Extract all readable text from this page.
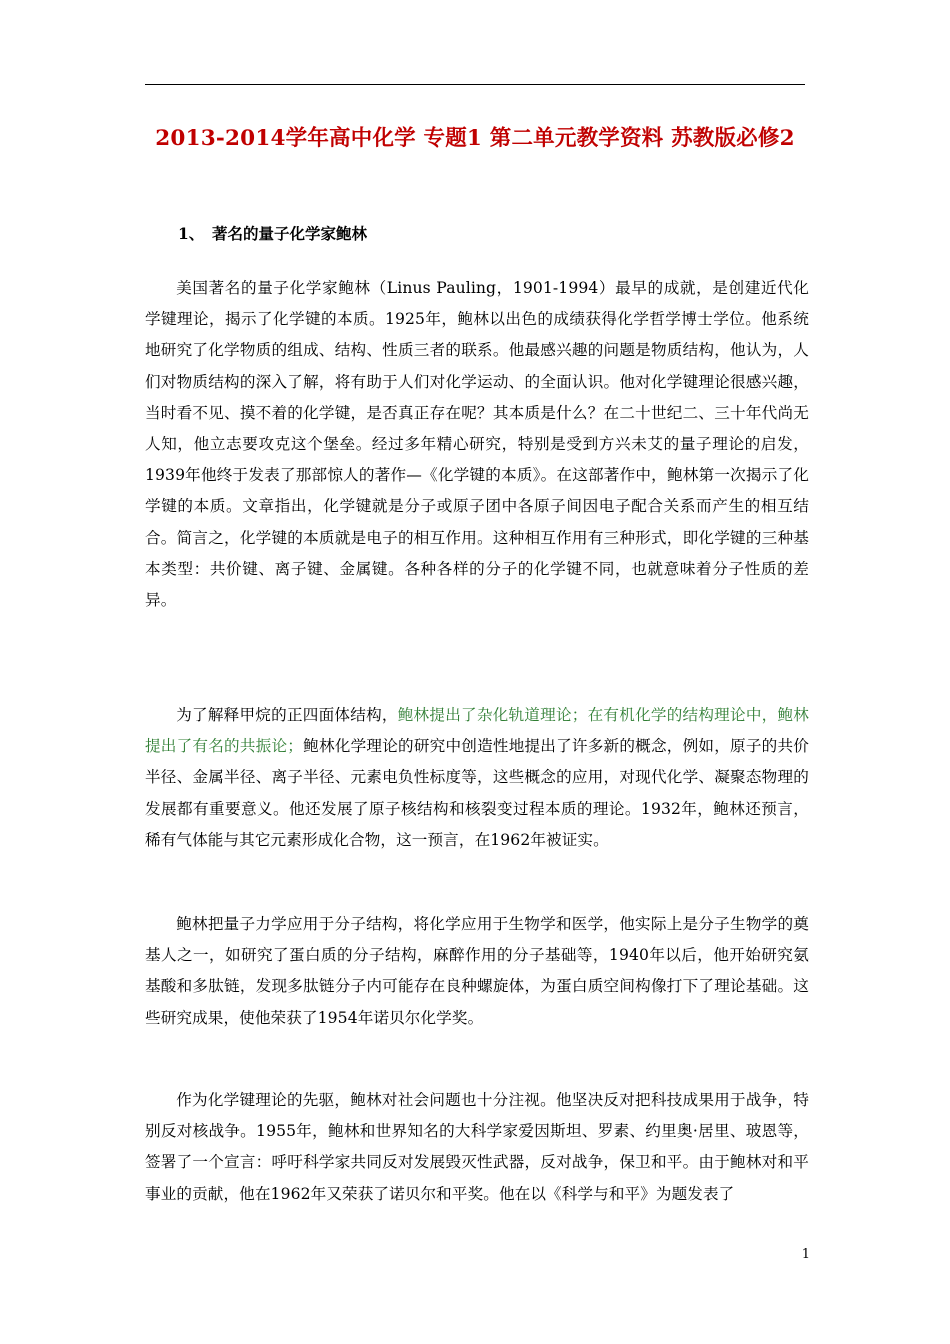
2013-2014学年高中化学 专题1 第二单元教学资料 苏教版必修2
1、 著名的量子化学家鲍林

美国著名的量子化学家鲍林（Linus Pauling，1901-1994）最早的成就，是创建近代化学键理论，揭示了化学键的本质。1925年，鲍林以出色的成绩获得化学哲学博士学位。他系统地研究了化学物质的组成、结构、性质三者的联系。他最感兴趣的问题是物质结构，他认为，人们对物质结构的深入了解，将有助于人们对化学运动、的全面认识。他对化学键理论很感兴趣，当时看不见、摸不着的化学键，是否真正存在呢？其本质是什么？在二十世纪二、三十年代尚无人知，他立志要攻克这个堡垒。经过多年精心研究，特别是受到方兴未艾的量子理论的启发，1939年他终于发表了那部惊人的著作—《化学键的本质》。在这部著作中，鲍林第一次揭示了化学键的本质。文章指出，化学键就是分子或原子团中各原子间因电子配合关系而产生的相互结合。简言之，化学键的本质就是电子的相互作用。这种相互作用有三种形式，即化学键的三种基本类型：共价键、离子键、金属键。各种各样的分子的化学键不同，也就意味着分子性质的差异。

为了解释甲烷的正四面体结构，鲍林提出了杂化轨道理论；在有机化学的结构理论中，鲍林提出了有名的共振论；鲍林化学理论的研究中创造性地提出了许多新的概念，例如，原子的共价半径、金属半径、离子半径、元素电负性标度等，这些概念的应用，对现代化学、凝聚态物理的发展都有重要意义。他还发展了原子核结构和核裂变过程本质的理论。1932年，鲍林还预言，稀有气体能与其它元素形成化合物，这一预言，在1962年被证实。

鲍林把量子力学应用于分子结构，将化学应用于生物学和医学，他实际上是分子生物学的奠基人之一，如研究了蛋白质的分子结构，麻醉作用的分子基础等，1940年以后，他开始研究氨基酸和多肽链，发现多肽链分子内可能存在良种螺旋体，为蛋白质空间构像打下了理论基础。这些研究成果，使他荣获了1954年诺贝尔化学奖。

作为化学键理论的先驱，鲍林对社会问题也十分注视。他坚决反对把科技成果用于战争，特别反对核战争。1955年，鲍林和世界知名的大科学家爱因斯坦、罗素、约里奥·居里、玻恩等，签署了一个宣言：呼吁科学家共同反对发展毁灭性武器，反对战争，保卫和平。由于鲍林对和平事业的贡献，他在1962年又荣获了诺贝尔和平奖。他在以《科学与和平》为题发表了

1
